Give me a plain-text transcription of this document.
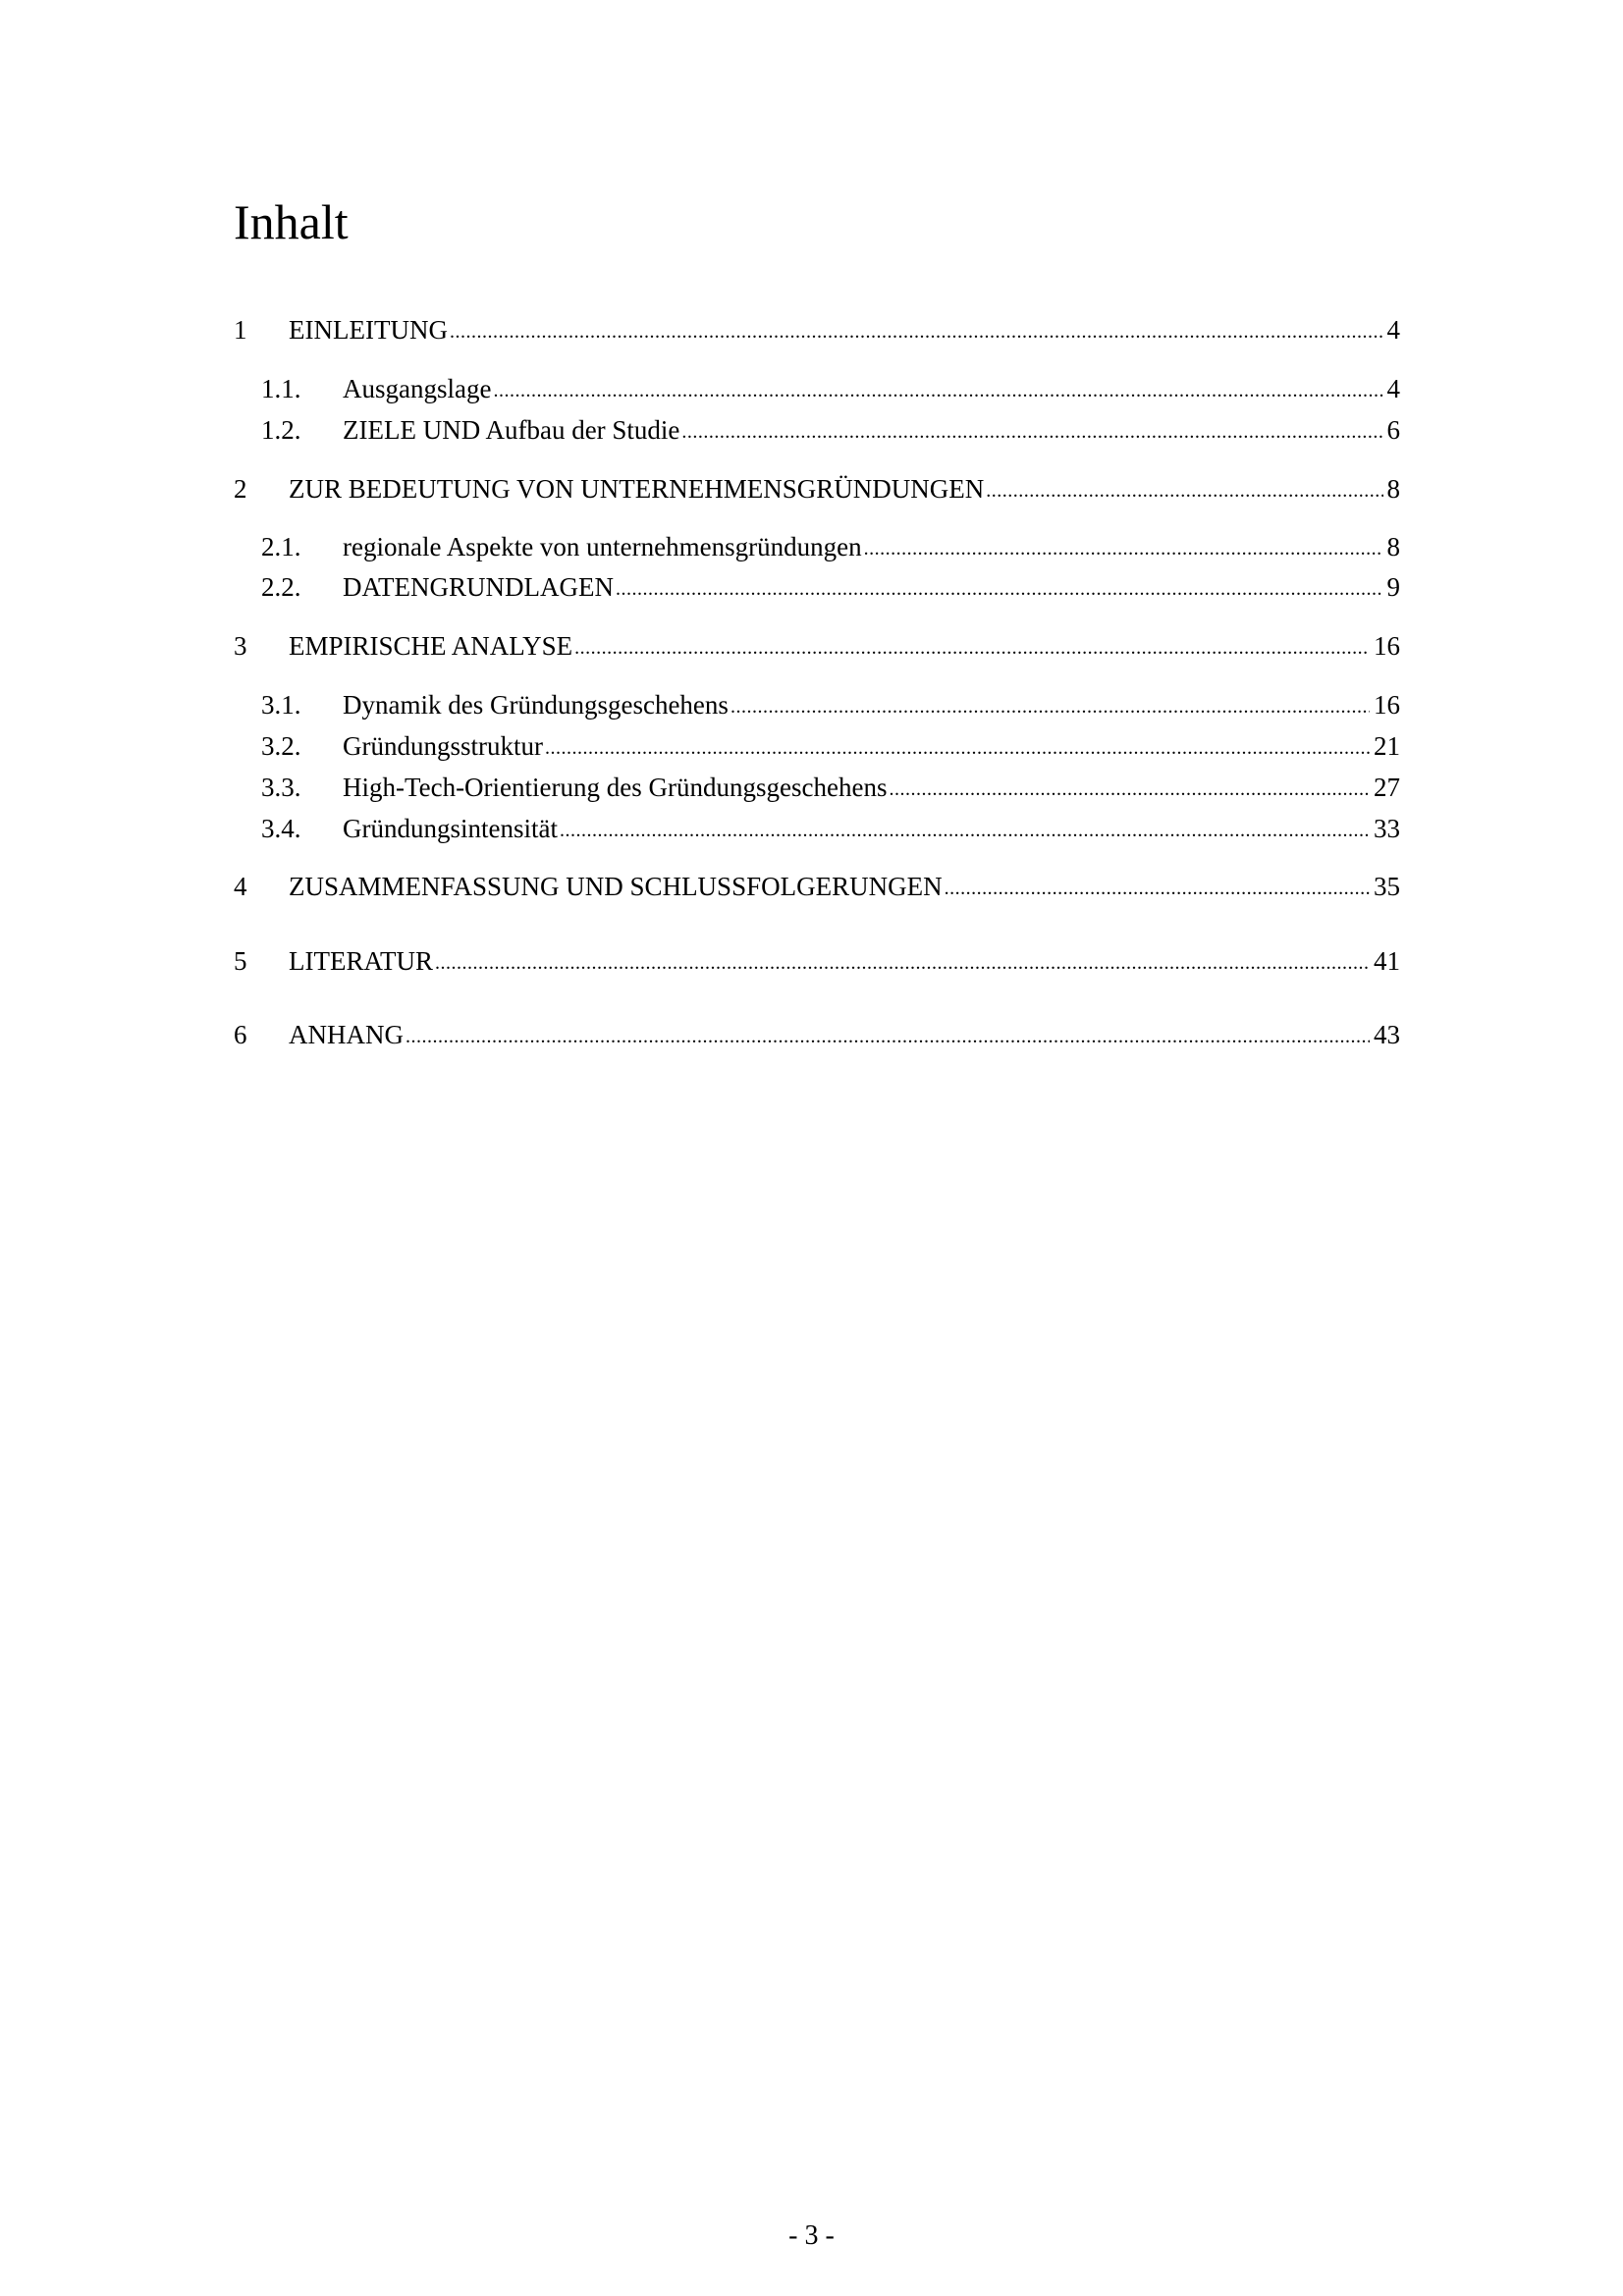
Inhalt
1	EINLEITUNG .....	4
1.1.	Ausgangslage .....	4
1.2.	ZIELE UND Aufbau der Studie .....	6
2	ZUR BEDEUTUNG VON UNTERNEHMENSGRÜNDUNGEN .....	8
2.1.	regionale Aspekte von unternehmensgründungen .....	8
2.2.	DATENGRUNDLAGEN .....	9
3	EMPIRISCHE ANALYSE .....	16
3.1.	Dynamik des Gründungsgeschehens .....	16
3.2.	Gründungsstruktur .....	21
3.3.	High-Tech-Orientierung des Gründungsgeschehens .....	27
3.4.	Gründungsintensität .....	33
4	ZUSAMMENFASSUNG UND SCHLUSSFOLGERUNGEN .....	35
5	LITERATUR .....	41
6	ANHANG .....	43
- 3 -
